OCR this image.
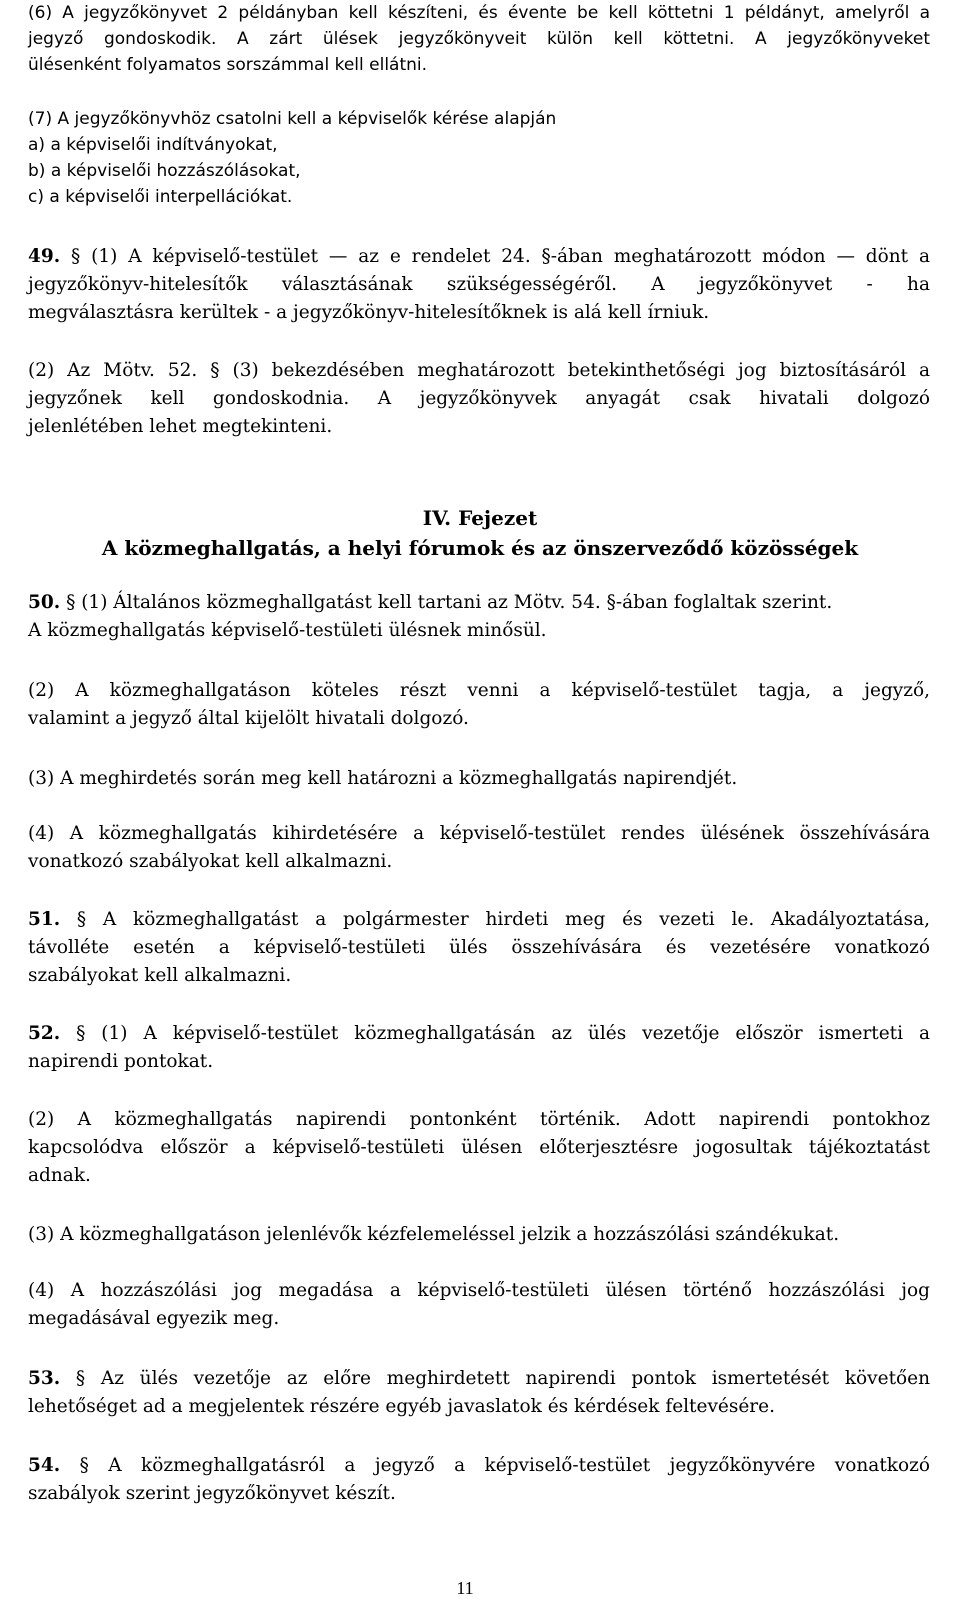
(6) A jegyzőkönyvet 2 példányban kell készíteni, és évente be kell köttetni 1 példányt, amelyről a
jegyző gondoskodik. A zárt ülések jegyzőkönyveit külön kell köttetni. A jegyzőkönyveket
ülésenként folyamatos sorszámmal kell ellátni.
(7) A jegyzőkönyvhöz csatolni kell a képviselők kérése alapján
a) a képviselői indítványokat,
b) a képviselői hozzászólásokat,
c) a képviselői interpellációkat.
49. § (1) A képviselő-testület — az e rendelet 24. §-ában meghatározott módon — dönt a
jegyzőkönyv-hitelesítők választásának szükségességéről. A jegyzőkönyvet - ha
megválasztásra kerültek - a jegyzőkönyv-hitelesítőknek is alá kell írniuk.
(2) Az Mötv. 52. § (3) bekezdésében meghatározott betekinthetőségi jog biztosításáról a
jegyzőnek kell gondoskodnia. A jegyzőkönyvek anyagát csak hivatali dolgozó
jelenlétében lehet megtekinteni.
IV. Fejezet
A közmeghallgatás, a helyi fórumok és az önszerveződő közösségek
50. § (1) Általános közmeghallgatást kell tartani az Mötv. 54. §-ában foglaltak szerint.
A közmeghallgatás képviselő-testületi ülésnek minősül.
(2) A közmeghallgatáson köteles részt venni a képviselő-testület tagja, a jegyző,
valamint a jegyző által kijelölt hivatali dolgozó.
(3) A meghirdetés során meg kell határozni a közmeghallgatás napirendjét.
(4) A közmeghallgatás kihirdetésére a képviselő-testület rendes ülésének összehívására
vonatkozó szabályokat kell alkalmazni.
51. § A közmeghallgatást a polgármester hirdeti meg és vezeti le. Akadályoztatása,
távolléte esetén a képviselő-testületi ülés összehívására és vezetésére vonatkozó
szabályokat kell alkalmazni.
52. § (1) A képviselő-testület közmeghallgatásán az ülés vezetője először ismerteti a
napirendi pontokat.
(2) A közmeghallgatás napirendi pontonként történik. Adott napirendi pontokhoz
kapcsolódva először a képviselő-testületi ülésen előterjesztésre jogosultak tájékoztatást
adnak.
(3) A közmeghallgatáson jelenlévők kézfelemeléssel jelzik a hozzászólási szándékukat.
(4) A hozzászólási jog megadása a képviselő-testületi ülésen történő hozzászólási jog
megadásával egyezik meg.
53. § Az ülés vezetője az előre meghirdetett napirendi pontok ismertetését követően
lehetőséget ad a megjelentek részére egyéb javaslatok és kérdések feltevésére.
54. § A közmeghallgatásról a jegyző a képviselő-testület jegyzőkönyvére vonatkozó
szabályok szerint jegyzőkönyvet készít.
11
